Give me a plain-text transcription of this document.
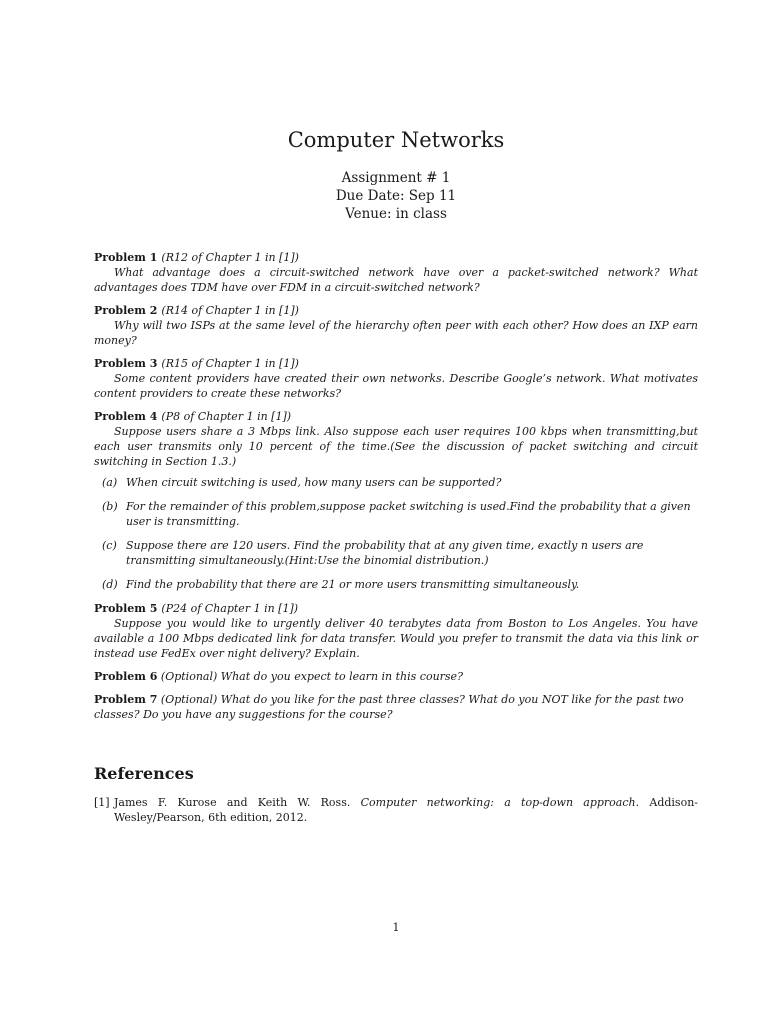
Computer Networks
Assignment # 1
Due Date: Sep 11
Venue: in class
Problem 1 (R12 of Chapter 1 in [1])
What advantage does a circuit-switched network have over a packet-switched network? What advantages does TDM have over FDM in a circuit-switched network?
Problem 2 (R14 of Chapter 1 in [1])
Why will two ISPs at the same level of the hierarchy often peer with each other? How does an IXP earn money?
Problem 3 (R15 of Chapter 1 in [1])
Some content providers have created their own networks. Describe Google’s network. What motivates content providers to create these networks?
Problem 4 (P8 of Chapter 1 in [1])
Suppose users share a 3 Mbps link. Also suppose each user requires 100 kbps when transmitting,but each user transmits only 10 percent of the time.(See the discussion of packet switching and circuit switching in Section 1.3.)
(a) When circuit switching is used, how many users can be supported?
(b) For the remainder of this problem,suppose packet switching is used.Find the probability that a given user is transmitting.
(c) Suppose there are 120 users. Find the probability that at any given time, exactly n users are transmitting simultaneously.(Hint:Use the binomial distribution.)
(d) Find the probability that there are 21 or more users transmitting simultaneously.
Problem 5 (P24 of Chapter 1 in [1])
Suppose you would like to urgently deliver 40 terabytes data from Boston to Los Angeles. You have available a 100 Mbps dedicated link for data transfer. Would you prefer to transmit the data via this link or instead use FedEx over night delivery? Explain.
Problem 6 (Optional) What do you expect to learn in this course?
Problem 7 (Optional) What do you like for the past three classes? What do you NOT like for the past two classes? Do you have any suggestions for the course?
References
[1] James F. Kurose and Keith W. Ross. Computer networking: a top-down approach. Addison-Wesley/Pearson, 6th edition, 2012.
1
